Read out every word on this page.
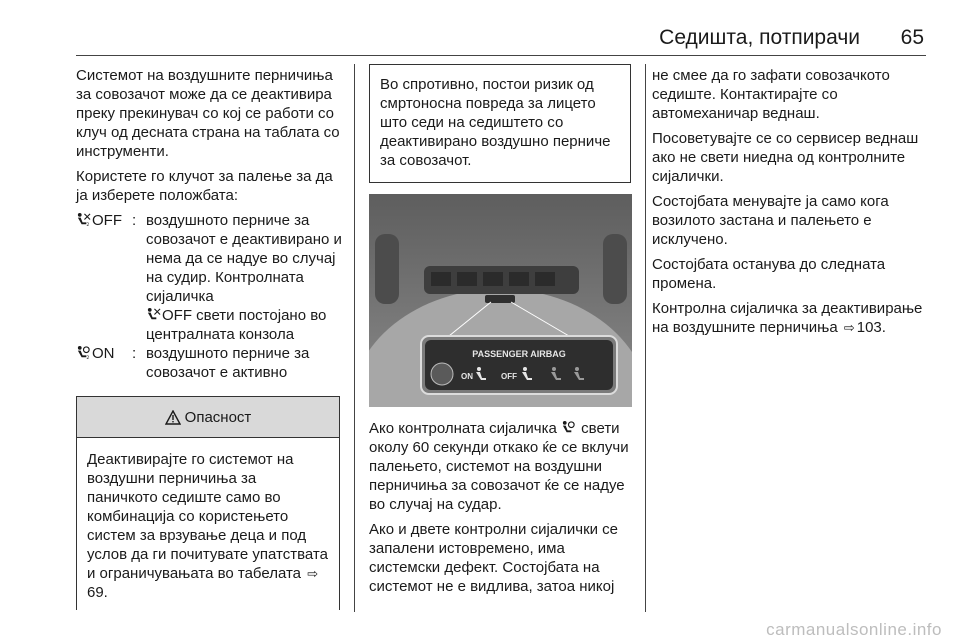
Седишта, потпирачи 65

Системот на воздушните перничиња за совозачот може да се деактивира преку прекинувач со кој се работи со клуч од десната страна на таблата со инструменти.

Користете го клучот за палење за да ја изберете положбата:

2 OFF : воздушното перниче за совозачот е деактивирано и нема да се надуе во случај на судир. Контролната сијаличка
OFF свети постојано во централната конзола
2 ON	: воздушното перниче за совозачот е активно
Опасност
Деактивирајте го системот на воздушни перничиња за паничкото седиште само во комбинација со користењето систем за врзување деца и под услов да ги почитувате упатствата и ограничувањата во табелата ⇨69.
Во спротивно, постои ризик од смртоносна повреда за лицето што седи на седиштето со деактивирано воздушно перниче за совозачот.
PASSENGER AIRBAG
ON	OFF

Ако контролната сијаличка свети околу 60 секунди откако ќе се вклучи палењето, системот на воздушни перничиња за совозачот ќе се надуе во случај на судар.

Ако и двете контролни сијалички се запалени истовремено, има системски дефект. Состојбата на системот не е видлива, затоа никој

не смее да го зафати совозачкото седиште. Контактирајте со автомеханичар веднаш.

Посоветувајте се со сервисер веднаш ако не свети ниедна од контролните сијалички.

Состојбата менувајте ја само кога возилото застана и палењето е исклучено.

Состојбата останува до следната промена.

Контролна сијаличка за деактивирање на воздушните перничиња ⇨ 103.

carmanualsonline.info
